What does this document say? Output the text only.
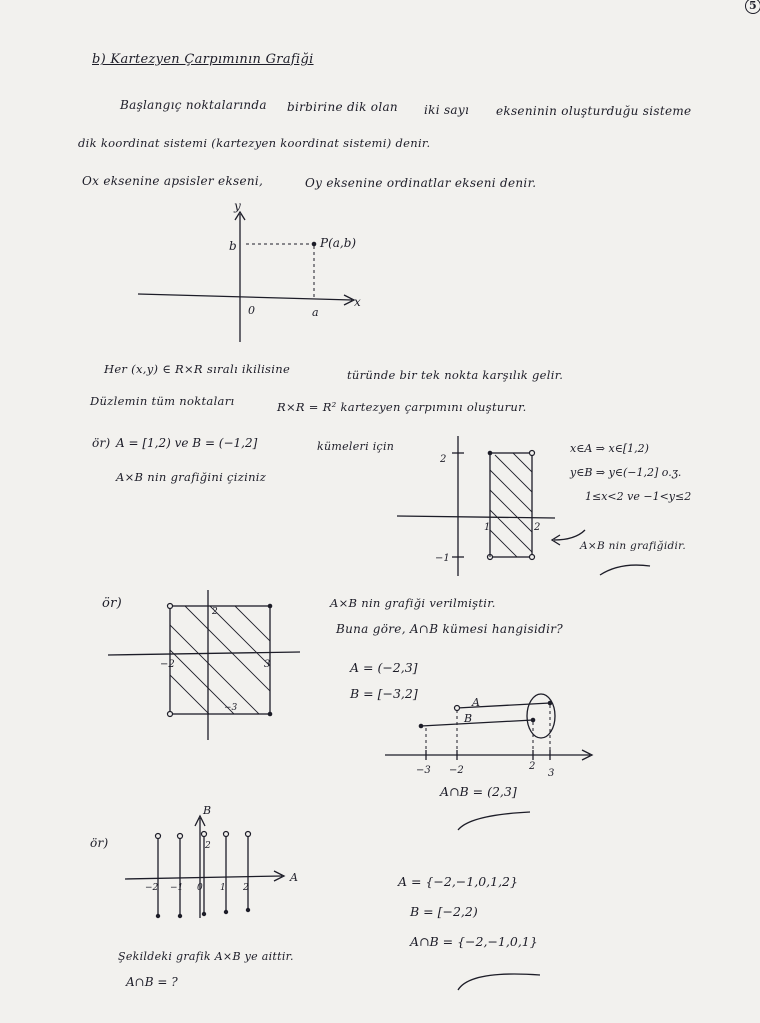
5
b) Kartezyen Çarpımının Grafiği
Başlangıç noktalarında birbirine dik olan iki sayı ekseninin oluşturduğu sisteme
dik koordinat sistemi (kartezyen koordinat sistemi) denir.
Ox eksenine apsisler ekseni,	Oy eksenine ordinatlar ekseni denir.
y
x
0
b
a
P(a,b)
Her (x,y) ∈ R×R sıralı ikilisine	türünde bir tek nokta karşılık gelir.
Düzlemin tüm noktaları	R×R = R² kartezyen çarpımını oluşturur.
ör) A = [1,2) ve B = (−1,2]	kümeleri için
A×B nin grafiğini çiziniz
2
−1
1	2
x∈A ⇒ x∈[1,2)
y∈B ⇒ y∈(−1,2] o.ʒ.
1≤x<2 ve −1<y≤2
A×B nin grafiğidir.
ör)	A×B nin grafiği verilmiştir.
Buna göre, A∩B kümesi hangisidir?
A = (−2,3]
B = [−3,2]
A∩B = (2,3]
−2	3
2
−3	A
B
−3 −2	2
3
ör)
B
A
2
−2 −1 0 1 2	A = {−2,−1,0,1,2}
B = [−2,2)
A∩B = {−2,−1,0,1}
Şekildeki grafik A×B ye aittir.
A∩B = ?
